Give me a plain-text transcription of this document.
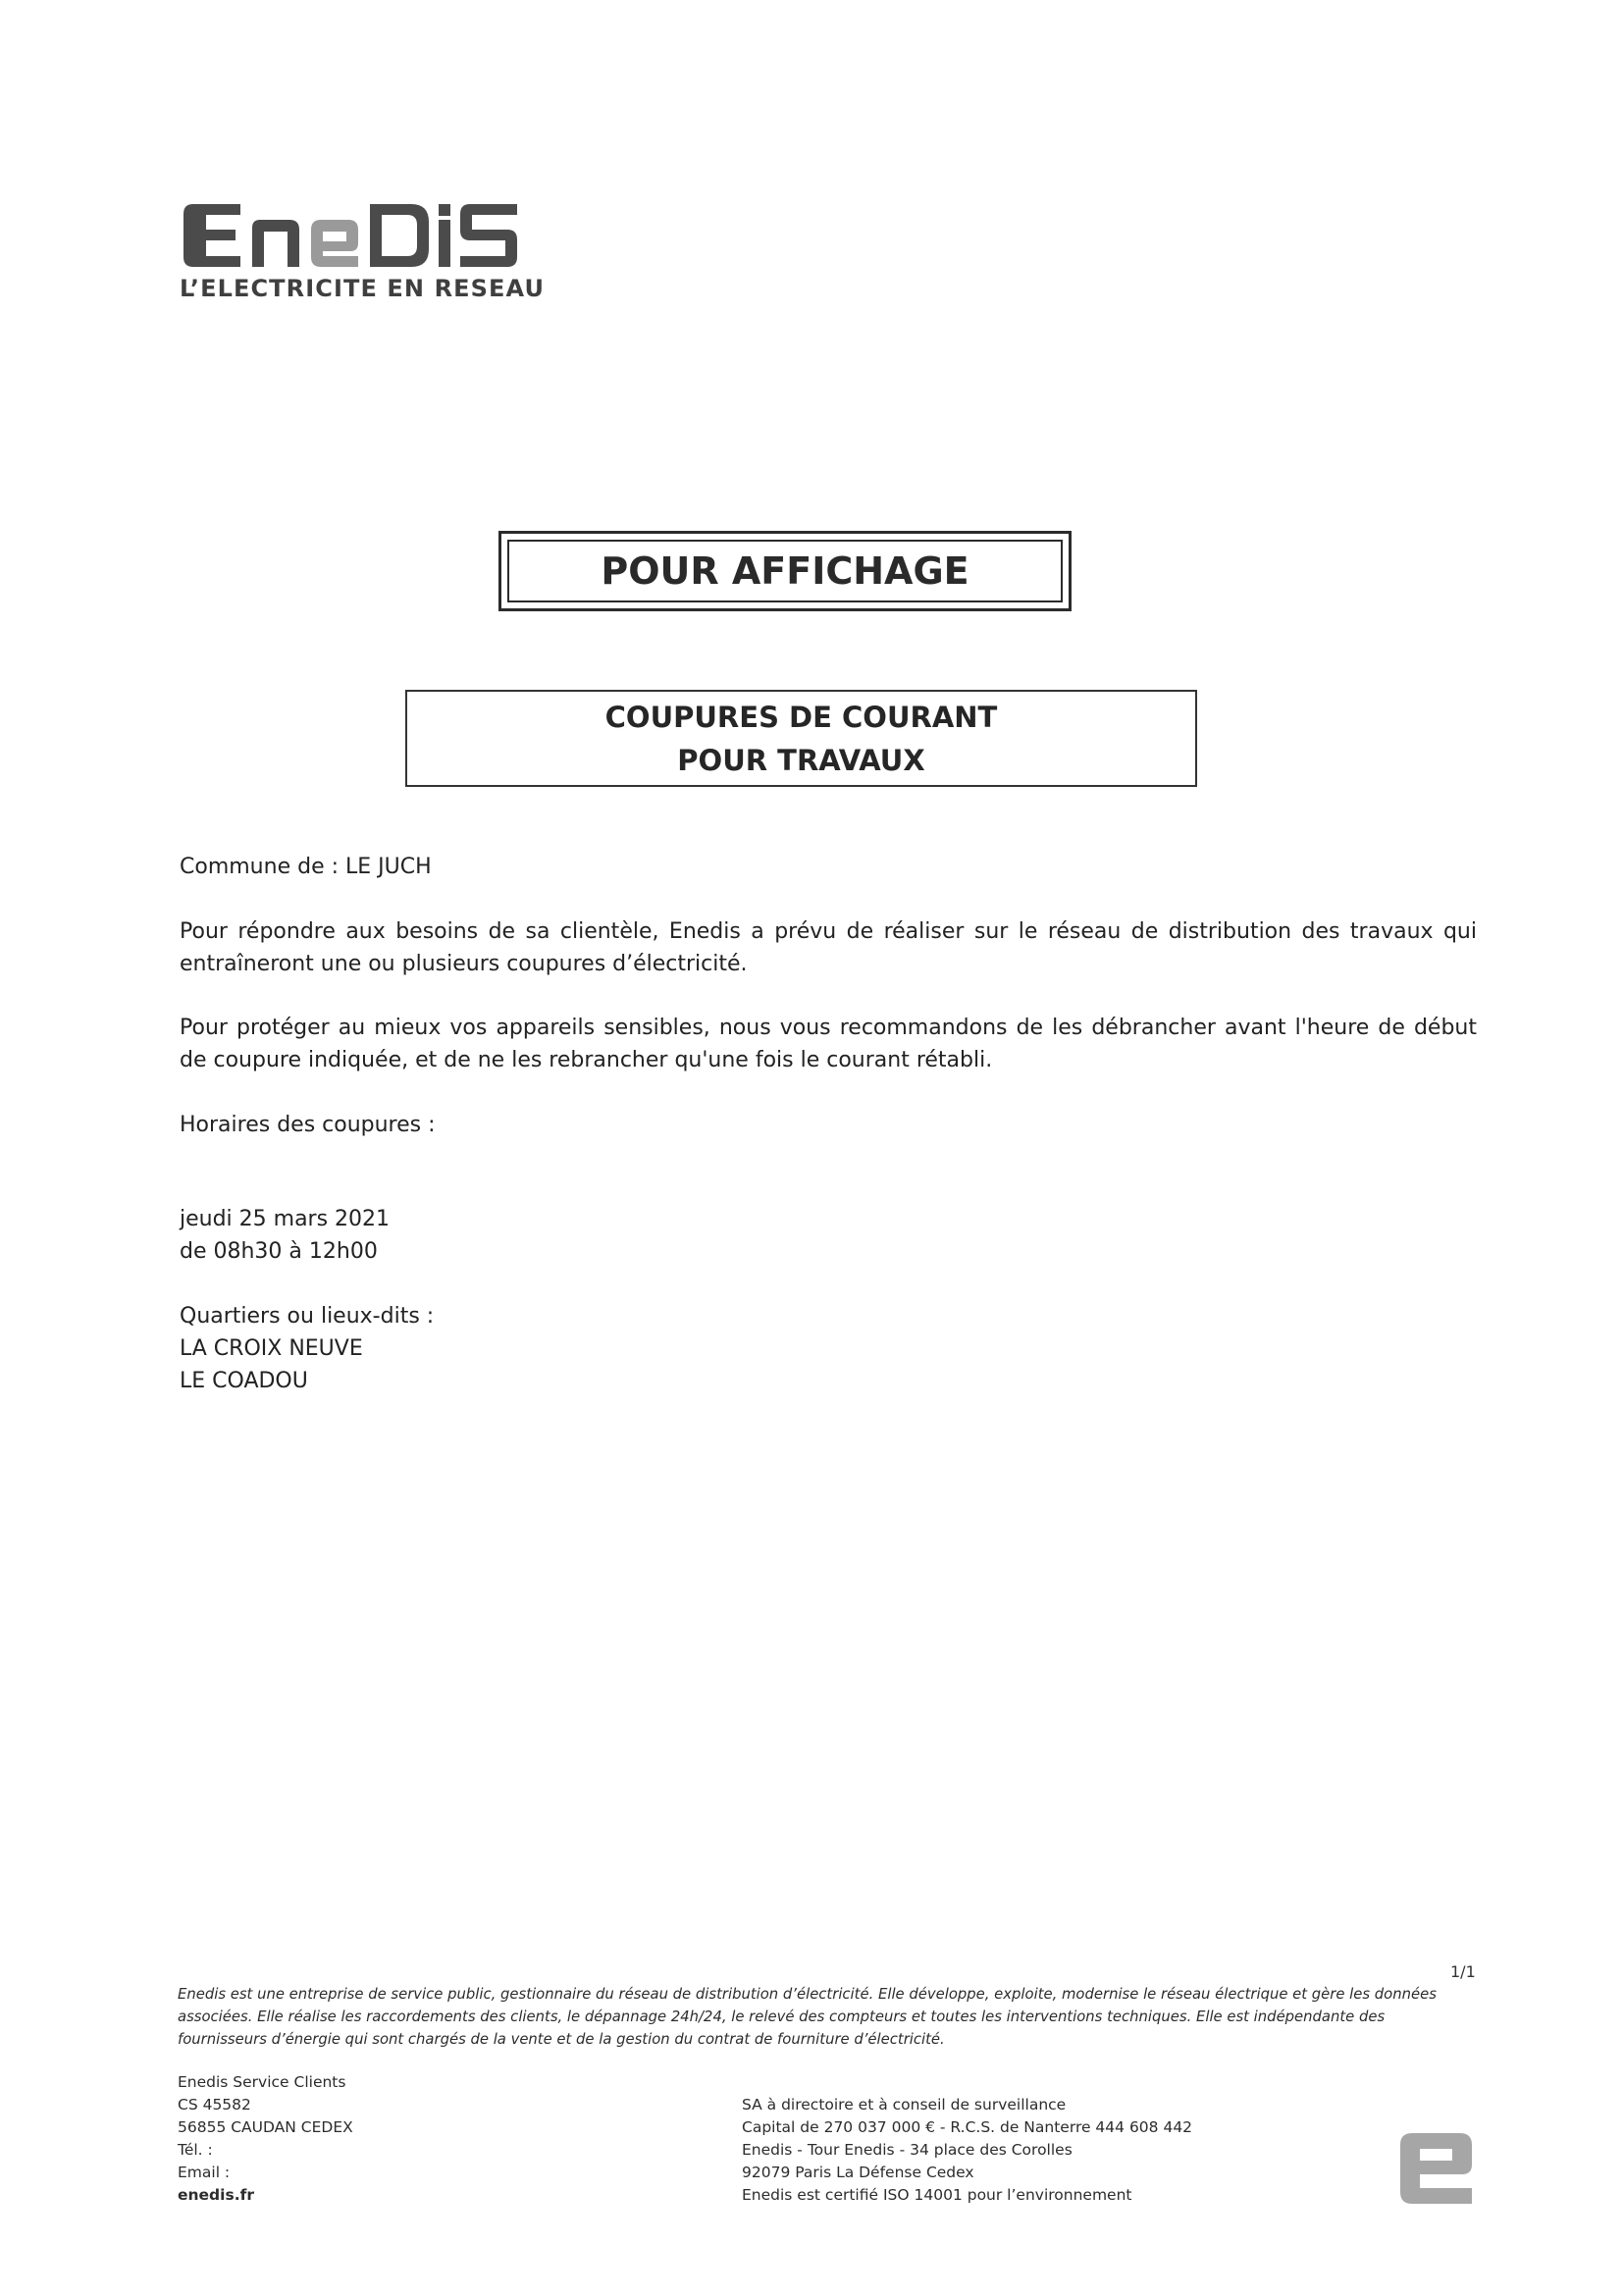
L’ELECTRICITE EN RESEAU
POUR AFFICHAGE
COUPURES DE COURANT
POUR TRAVAUX
Commune de : LE JUCH
Pour répondre aux besoins de sa clientèle, Enedis a prévu de réaliser sur le réseau de distribution des travaux qui entraîneront une ou plusieurs coupures d’électricité.
Pour protéger au mieux vos appareils sensibles, nous vous recommandons de les débrancher avant l'heure de début de coupure indiquée, et de ne les rebrancher qu'une fois le courant rétabli.
Horaires des coupures :
jeudi 25 mars 2021
de 08h30 à 12h00
Quartiers ou lieux-dits :
LA CROIX NEUVE
LE COADOU
1/1
Enedis est une entreprise de service public, gestionnaire du réseau de distribution d’électricité. Elle développe, exploite, modernise le réseau électrique et gère les données
associées. Elle réalise les raccordements des clients, le dépannage 24h/24, le relevé des compteurs et toutes les interventions techniques. Elle est indépendante des
fournisseurs d’énergie qui sont chargés de la vente et de la gestion du contrat de fourniture d’électricité.
Enedis Service Clients
CS 45582
56855 CAUDAN CEDEX
Tél. :
Email :
enedis.fr
SA à directoire et à conseil de surveillance
Capital de 270 037 000 € - R.C.S. de Nanterre 444 608 442
Enedis - Tour Enedis - 34 place des Corolles
92079 Paris La Défense Cedex
Enedis est certifié ISO 14001 pour l’environnement
